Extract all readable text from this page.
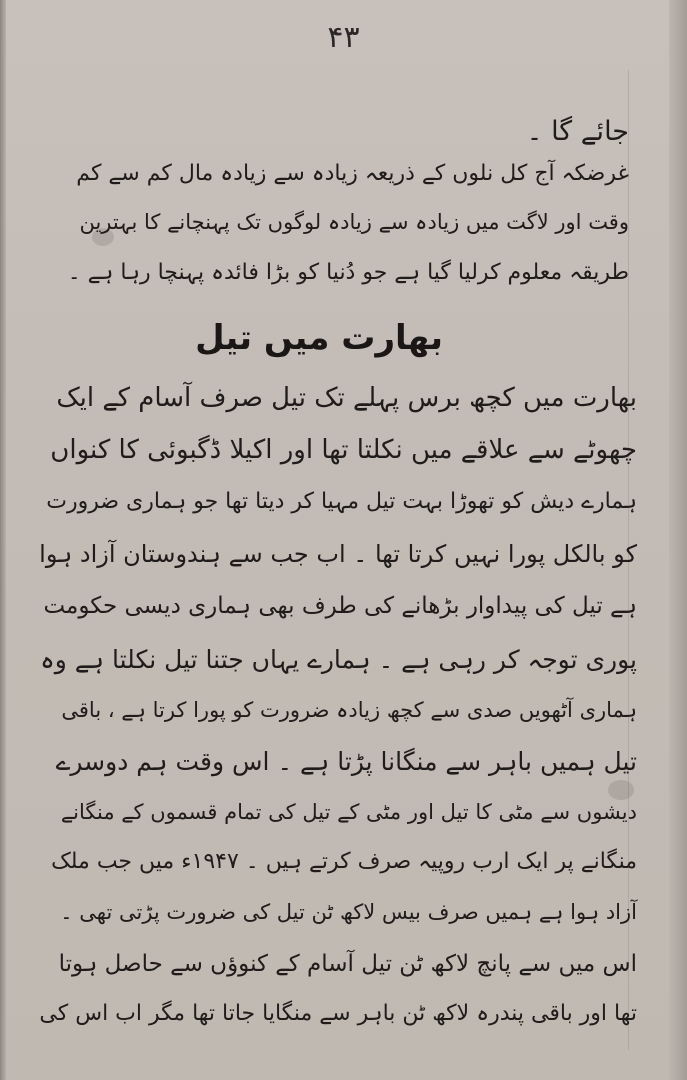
۴۳
جائے گا ۔
غرضکہ آج کل نلوں کے ذریعہ زیادہ سے زیادہ مال کم سے کم
وقت اور لاگت میں زیادہ سے زیادہ لوگوں تک پہنچانے کا بہترین
طریقہ معلوم کرلیا گیا ہے جو دُنیا کو بڑا فائدہ پہنچا رہا ہے ۔
بھارت میں تیل
بھارت میں کچھ برس پہلے تک تیل صرف آسام کے ایک
چھوٹے سے علاقے میں نکلتا تھا اور اکیلا ڈگبوئی کا کنواں
ہمارے دیش کو تھوڑا بہت تیل مہیا کر دیتا تھا جو ہماری ضرورت
کو بالکل پورا نہیں کرتا تھا ۔ اب جب سے ہندوستان آزاد ہوا
ہے تیل کی پیداوار بڑھانے کی طرف بھی ہماری دیسی حکومت
پوری توجہ کر رہی ہے ۔ ہمارے یہاں جتنا تیل نکلتا ہے وہ
ہماری آٹھویں صدی سے کچھ زیادہ ضرورت کو پورا کرتا ہے ، باقی
تیل ہمیں باہر سے منگانا پڑتا ہے ۔ اس وقت ہم دوسرے
دیشوں سے مٹی کا تیل اور مٹی کے تیل کی تمام قسموں کے منگانے
منگانے پر ایک ارب روپیہ صرف کرتے ہیں ۔ ۱۹۴۷ء میں جب ملک
آزاد ہوا ہے ہمیں صرف بیس لاکھ ٹن تیل کی ضرورت پڑتی تھی ۔
اس میں سے پانچ لاکھ ٹن تیل آسام کے کنوؤں سے حاصل ہوتا
تھا اور باقی پندرہ لاکھ ٹن باہر سے منگایا جاتا تھا مگر اب اس کی
